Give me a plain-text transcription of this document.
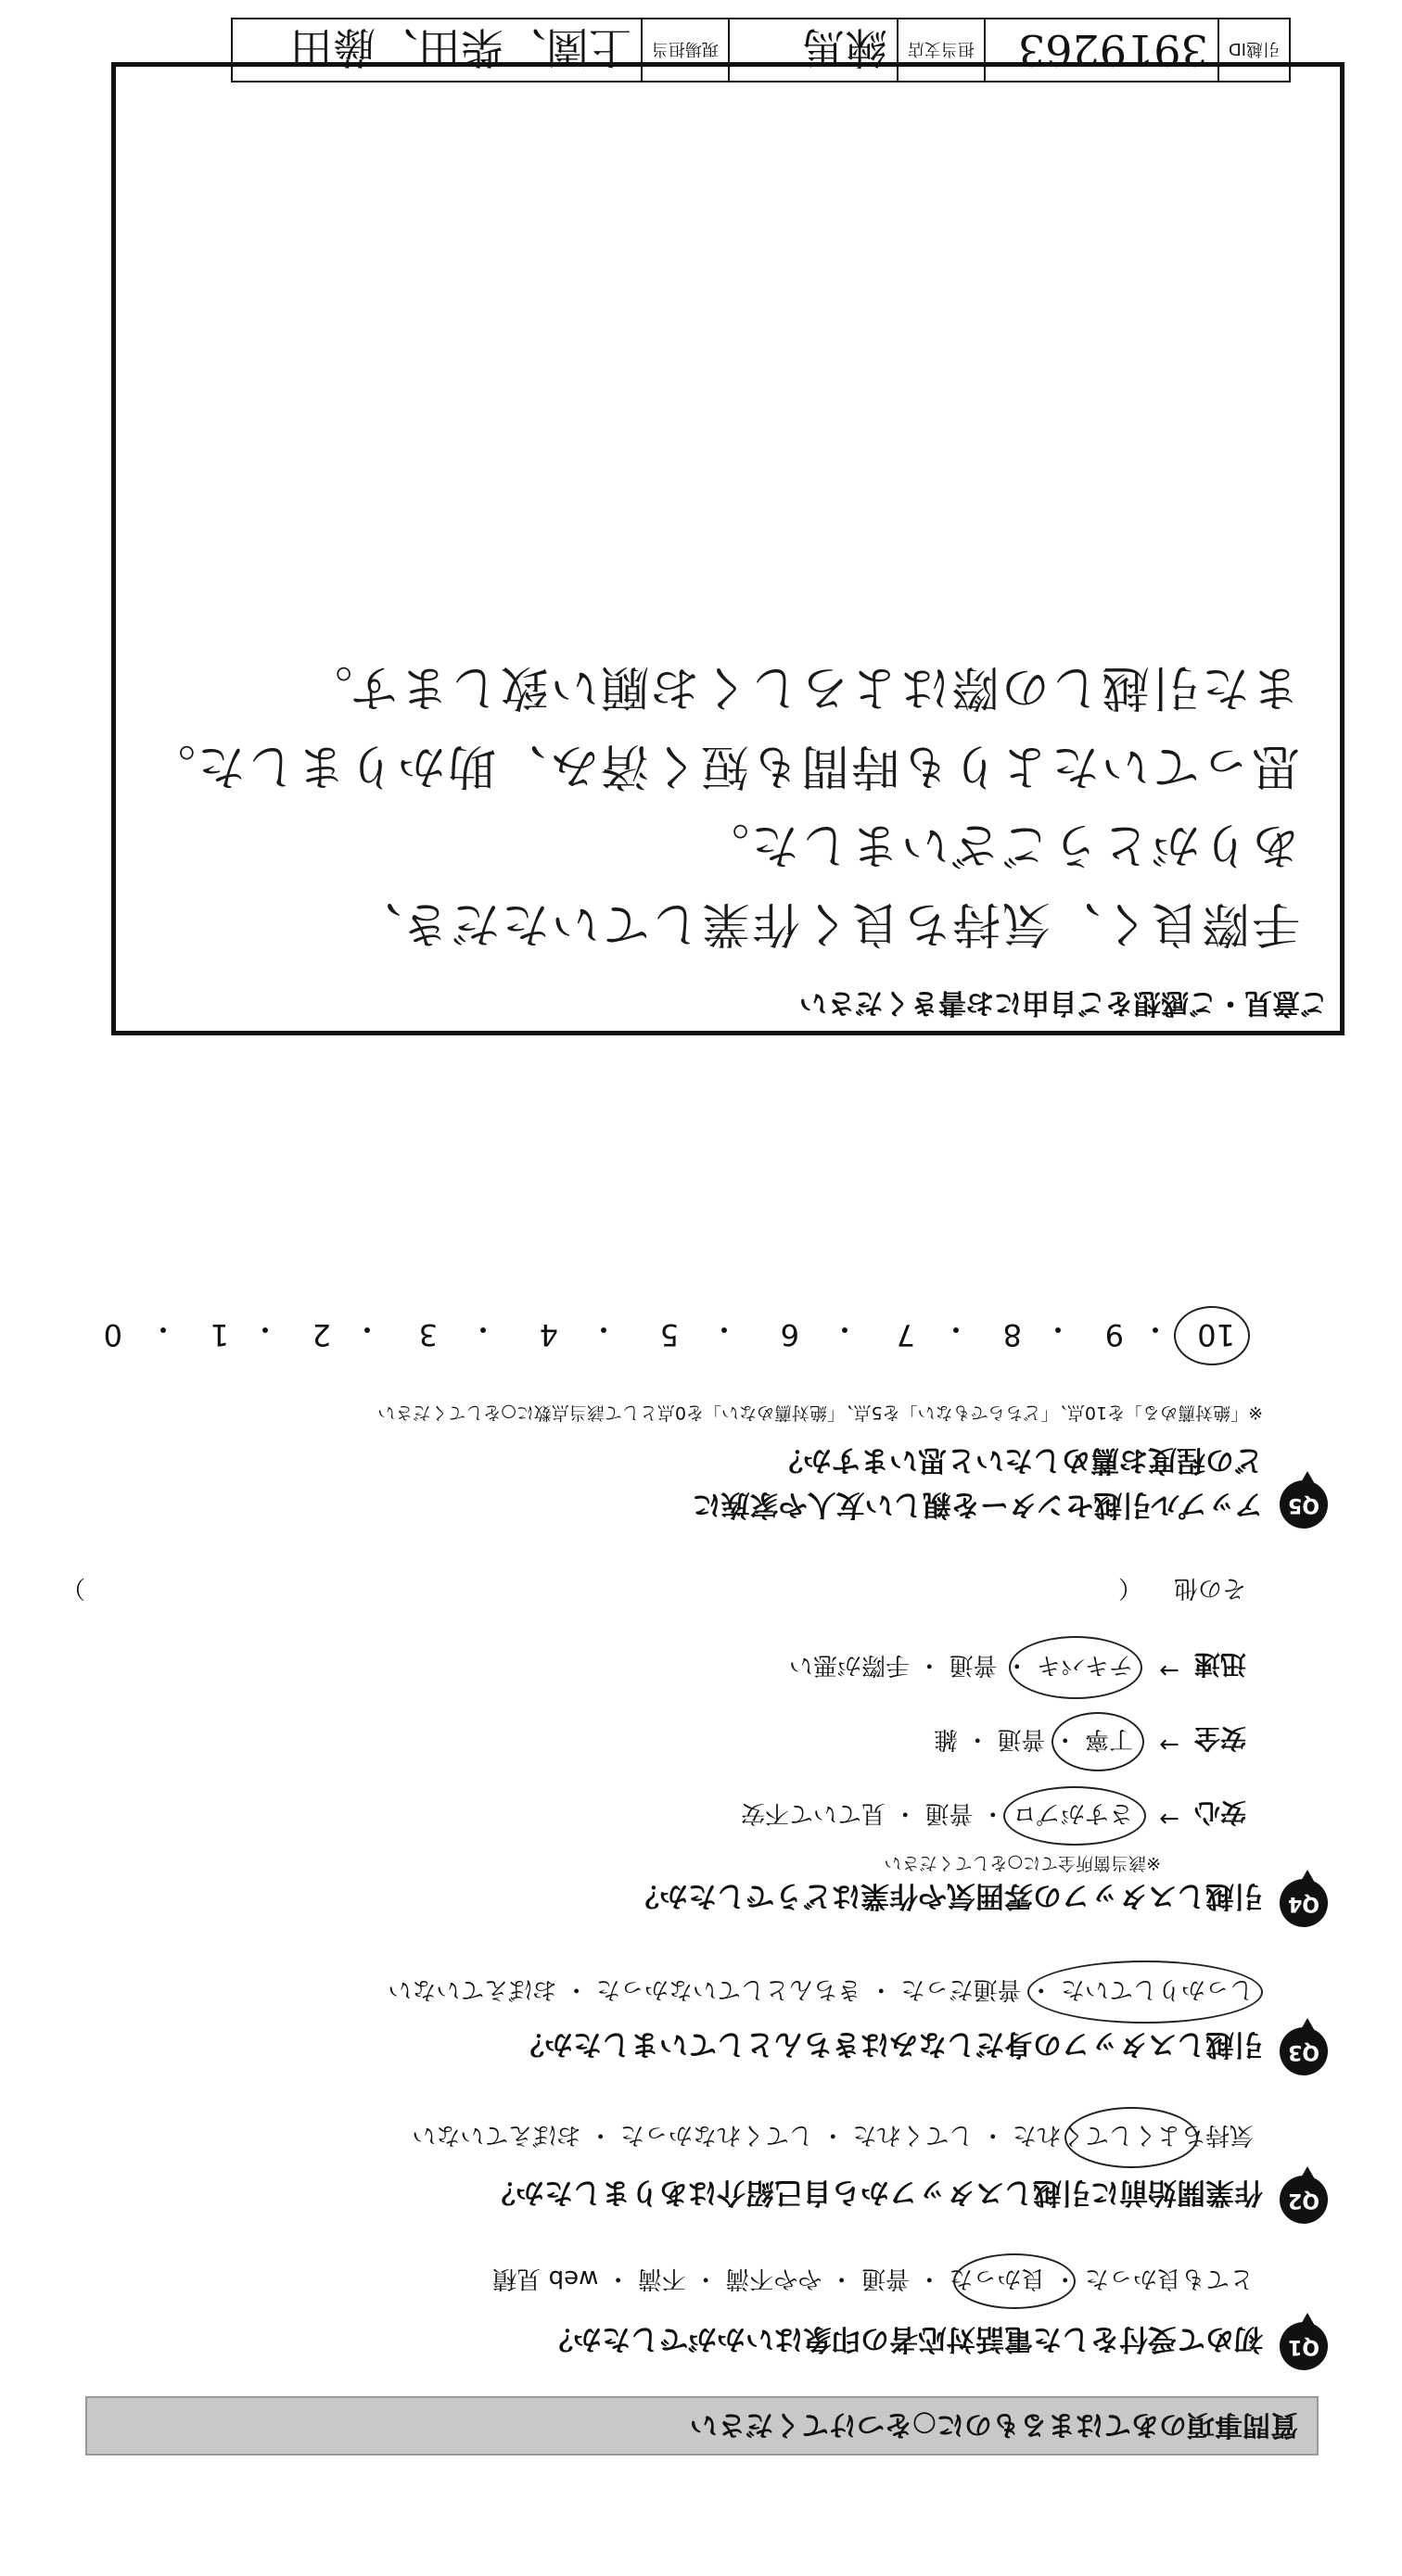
質問事項のあてはまるものに○をつけてください
Q1
初めて受付をした電話対応者の印象はいかがでしたか？
とても良かった ・ 良かった ・ 普通 ・ やや不満 ・ 不満 ・ web 見積
Q2
作業開始前に引越しスタッフから自己紹介はありましたか？
気持ちよくしてくれた ・ してくれた ・ してくれなかった ・ おぼえていない
Q3
引越しスタッフの身だしなみはきちんとしていましたか？
しっかりしていた ・ 普通だった ・ きちんとしていなかった ・ おぼえていない
Q4
引越しスタッフの雰囲気や作業はどうでしたか？
※該当箇所全てに○をしてください
安心
→
さすがプロ ・ 普通 ・ 見ていて不安
安全
→
丁寧 ・ 普通 ・ 雑
迅速
→
テキパキ ・ 普通 ・ 手際が悪い
その他
（
）
Q5
アップル引越センターを親しい友人や家族に
どの程度お薦めしたいと思いますか？
※「絶対薦める」を10点、「どちらでもない」を5点、「絶対薦めない」を0点として該当点数に○をしてください
10
・
9
・
8
・
7
・
6
・
5
・
4
・
3
・
2
・
1
・
0
ご意見・ご感想をご自由にお書きください
手際良く、気持ち良く作業していただき、
ありがとうございました。
思っていたよりも時間も短く済み、助かりました。
また引越しの際はよろしくお願い致します。
引越ID	3919263	担当支店	練馬	現場担当	上園、柴田、藤田
